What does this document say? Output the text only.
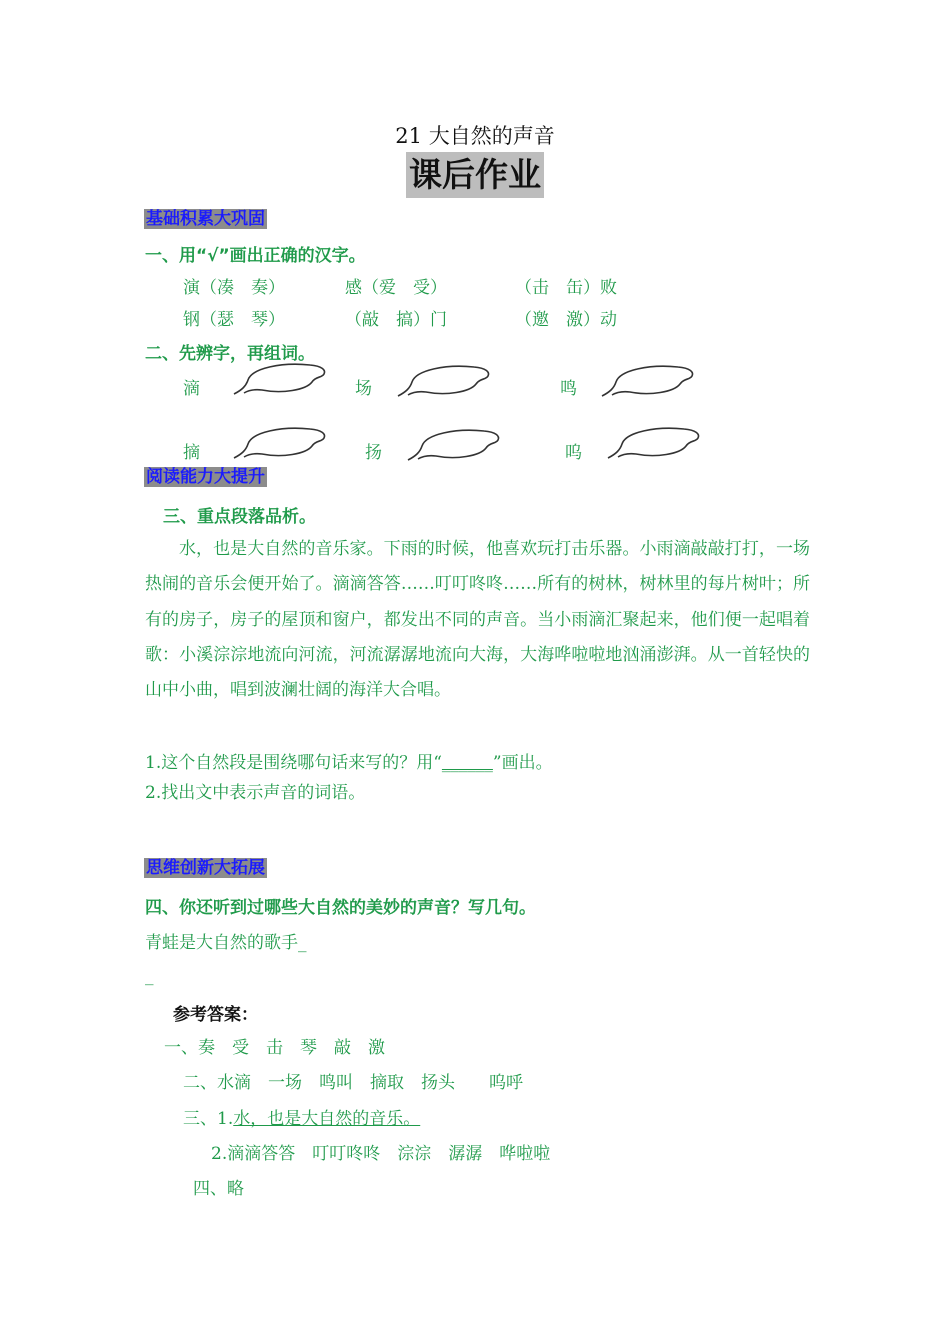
21 大自然的声音
课后作业
基础积累大巩固
一、用“√”画出正确的汉字。
演（凑　奏）	感（爱　受）	（击　缶）败
钢（瑟　琴）	（敲　搞）门	（邀　激）动
二、先辨字，再组词。
滴	场	鸣
摘	扬	呜
阅读能力大提升
三、重点段落品析。
水，也是大自然的音乐家。下雨的时候，他喜欢玩打击乐器。小雨滴敲敲打打，一场热闹的音乐会便开始了。滴滴答答……叮叮咚咚……所有的树林，树林里的每片树叶；所有的房子，房子的屋顶和窗户，都发出不同的声音。当小雨滴汇聚起来，他们便一起唱着歌：小溪淙淙地流向河流，河流潺潺地流向大海，大海哗啦啦地汹涌澎湃。从一首轻快的山中小曲，唱到波澜壮阔的海洋大合唱。
1.这个自然段是围绕哪句话来写的？用“______”画出。
2.找出文中表示声音的词语。
思维创新大拓展
四、你还听到过哪些大自然的美妙的声音？写几句。
青蛙是大自然的歌手_
_
参考答案：
一、奏　受　击　琴　敲　激
二、水滴　一场　鸣叫　摘取　扬头　　呜呼
三、1.水，也是大自然的音乐。
2.滴滴答答　叮叮咚咚　淙淙　潺潺　哗啦啦
四、略
